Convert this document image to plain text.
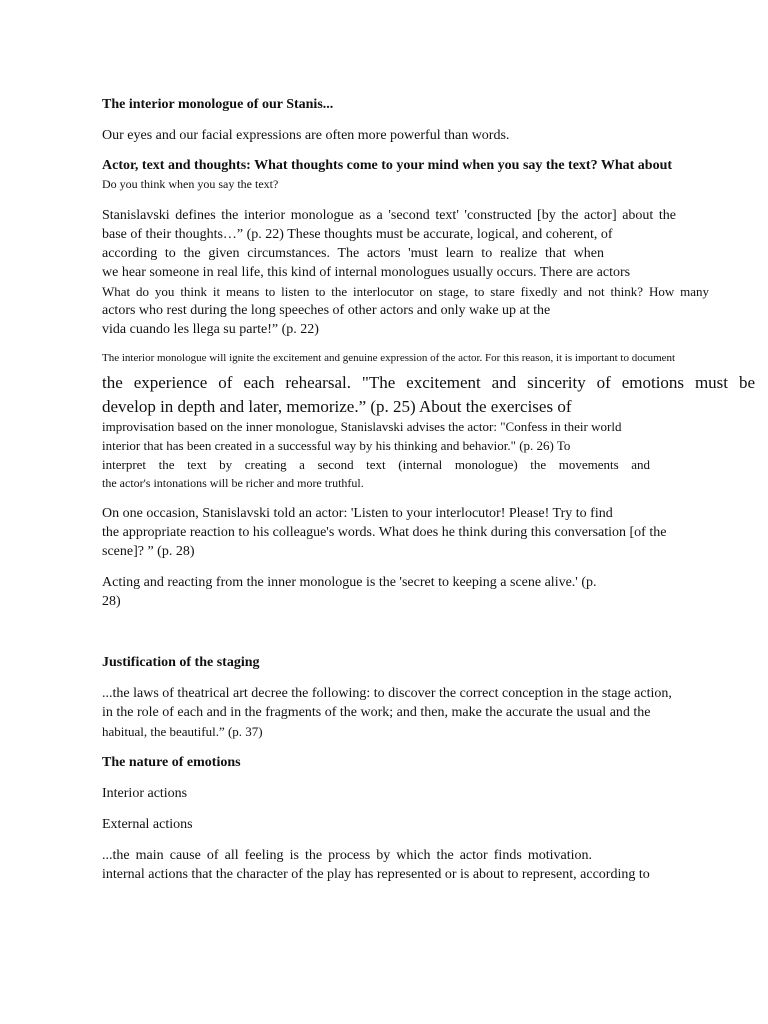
The interior monologue of our Stanis...
Our eyes and our facial expressions are often more powerful than words.
Actor, text and thoughts: What thoughts come to your mind when you say the text? What about
Do you think when you say the text?
Stanislavski defines the interior monologue as a 'second text' 'constructed [by the actor] about the
base of their thoughts…” (p. 22) These thoughts must be accurate, logical, and coherent, of
according to the given circumstances. The actors 'must learn to realize that when
we hear someone in real life, this kind of internal monologues usually occurs. There are actors
What do you think it means to listen to the interlocutor on stage, to stare fixedly and not think? How many
actors who rest during the long speeches of other actors and only wake up at the
vida cuando les llega su parte!” (p. 22)
The interior monologue will ignite the excitement and genuine expression of the actor. For this reason, it is important to document
the experience of each rehearsal. "The excitement and sincerity of emotions must be
develop in depth and later, memorize.” (p. 25) About the exercises of
improvisation based on the inner monologue, Stanislavski advises the actor: "Confess in their world
interior that has been created in a successful way by his thinking and behavior." (p. 26) To
interpret the text by creating a second text (internal monologue) the movements and
the actor's intonations will be richer and more truthful.
On one occasion, Stanislavski told an actor: 'Listen to your interlocutor! Please! Try to find
the appropriate reaction to his colleague's words. What does he think during this conversation [of the
scene]? ” (p. 28)
Acting and reacting from the inner monologue is the 'secret to keeping a scene alive.' (p.
28)
Justification of the staging
...the laws of theatrical art decree the following: to discover the correct conception in the stage action,
in the role of each and in the fragments of the work; and then, make the accurate the usual and the
habitual, the beautiful.” (p. 37)
The nature of emotions
Interior actions
External actions
...the main cause of all feeling is the process by which the actor finds motivation.
internal actions that the character of the play has represented or is about to represent, according to
